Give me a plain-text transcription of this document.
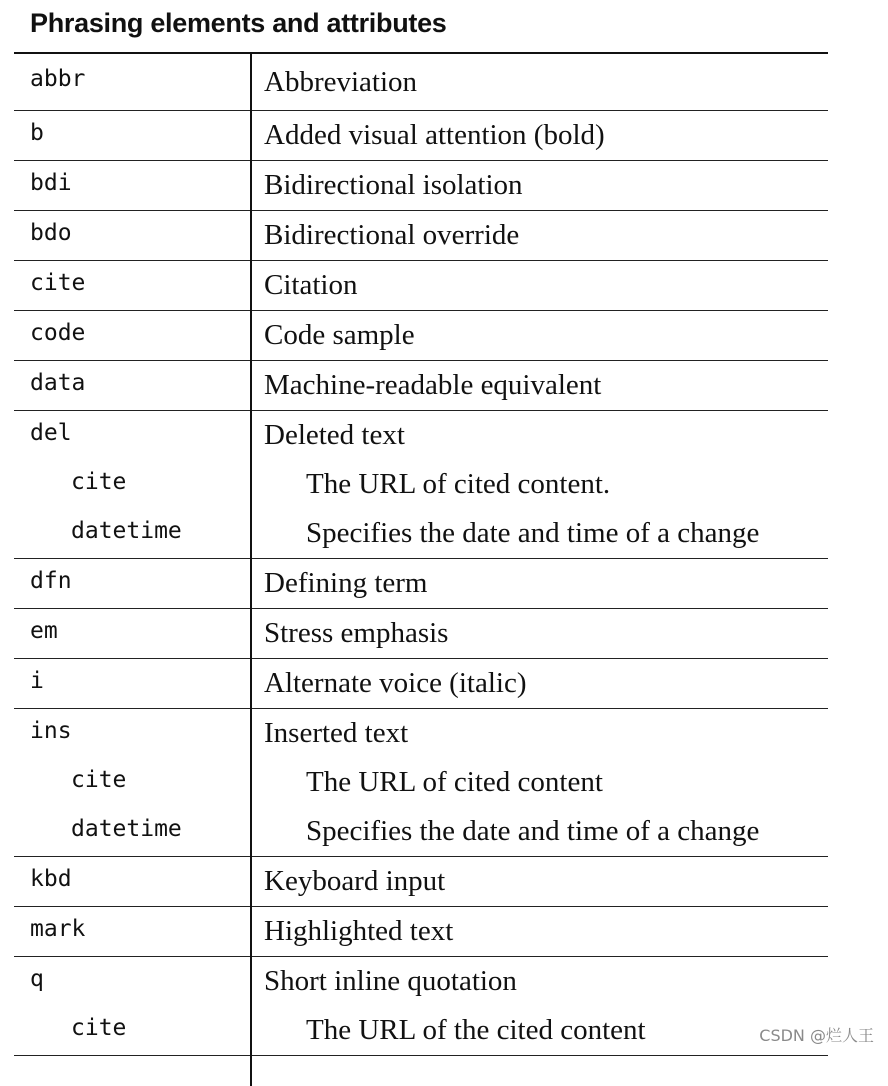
Phrasing elements and attributes
abbr	Abbreviation
b	Added visual attention (bold)
bdi	Bidirectional isolation
bdo	Bidirectional override
cite	Citation
code	Code sample
data	Machine-readable equivalent
del	Deleted text
cite	The URL of cited content.
datetime	Specifies the date and time of a change
dfn	Defining term
em	Stress emphasis
i	Alternate voice (italic)
ins	Inserted text
cite	The URL of cited content
datetime	Specifies the date and time of a change
kbd	Keyboard input
mark	Highlighted text
q	Short inline quotation
cite	The URL of the cited content	CSDN @烂人王
